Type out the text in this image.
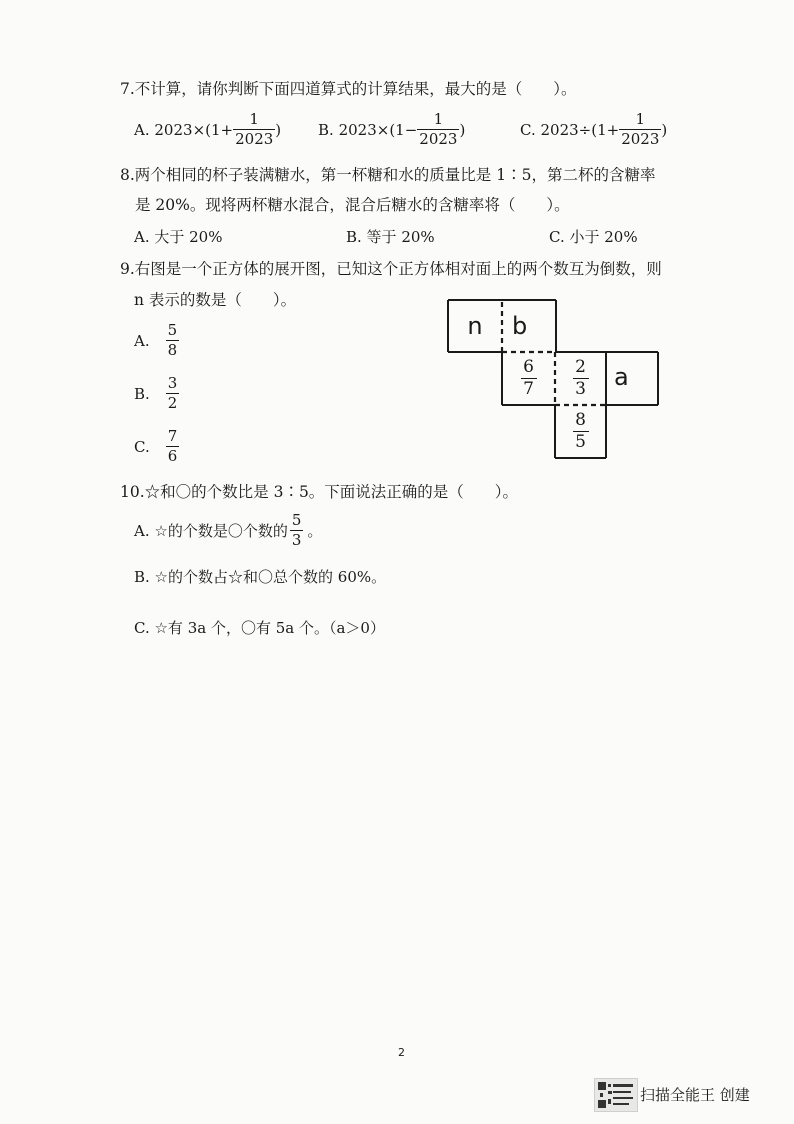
7.不计算，请你判断下面四道算式的计算结果，最大的是（　　）。
A.
$2023\times(1+ \frac{1}{2023}$ ) B.
$2023\times(1- \frac{1}{2023}$ )	C.
$2023\div(1+ \frac{1}{2023}$ )
8.两个相同的杯子装满糖水，第一杯糖和水的质量比是 1∶5，第二杯的含糖率
是 20%。现将两杯糖水混合，混合后糖水的含糖率将（　　）。
A. 大于 20%	B. 等于 20%	C. 小于 20%
9.右图是一个正方体的展开图，已知这个正方体相对面上的两个数互为倒数，则
n 表示的数是（　　）。
A. $\frac{5}{8}$
B. $\frac{3}{2}$
C. $\frac{7}{6}$
n b
$\frac{6}{7} \frac{2}{3}$ a
$\frac{8}{5}$
10.☆和〇的个数比是 3∶5。下面说法正确的是（　　）。
A. ☆的个数是〇个数的 $\frac{5}{3}$ 。
B. ☆的个数占☆和〇总个数的 60%。
C. ☆有 3a 个，〇有 5a 个。（a＞0）
2
扫描全能王 创建
